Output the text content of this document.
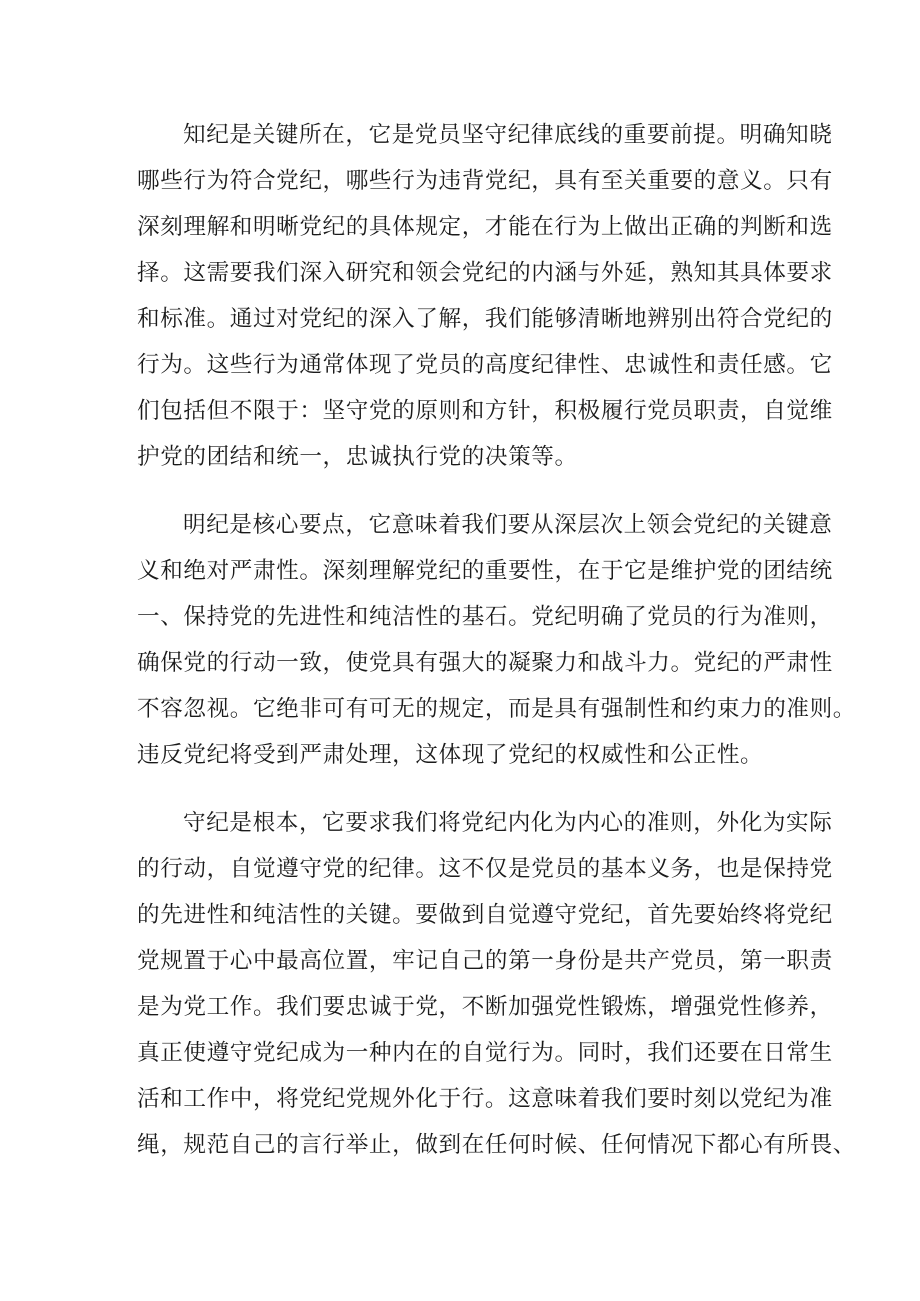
知纪是关键所在，它是党员坚守纪律底线的重要前提。明确知晓
哪些行为符合党纪，哪些行为违背党纪，具有至关重要的意义。只有
深刻理解和明晰党纪的具体规定，才能在行为上做出正确的判断和选
择。这需要我们深入研究和领会党纪的内涵与外延，熟知其具体要求
和标准。通过对党纪的深入了解，我们能够清晰地辨别出符合党纪的
行为。这些行为通常体现了党员的高度纪律性、忠诚性和责任感。它
们包括但不限于：坚守党的原则和方针，积极履行党员职责，自觉维
护党的团结和统一，忠诚执行党的决策等。
明纪是核心要点，它意味着我们要从深层次上领会党纪的关键意
义和绝对严肃性。深刻理解党纪的重要性，在于它是维护党的团结统
一、保持党的先进性和纯洁性的基石。党纪明确了党员的行为准则，
确保党的行动一致，使党具有强大的凝聚力和战斗力。党纪的严肃性
不容忽视。它绝非可有可无的规定，而是具有强制性和约束力的准则。
违反党纪将受到严肃处理，这体现了党纪的权威性和公正性。
守纪是根本，它要求我们将党纪内化为内心的准则，外化为实际
的行动，自觉遵守党的纪律。这不仅是党员的基本义务，也是保持党
的先进性和纯洁性的关键。要做到自觉遵守党纪，首先要始终将党纪
党规置于心中最高位置，牢记自己的第一身份是共产党员，第一职责
是为党工作。我们要忠诚于党，不断加强党性锻炼，增强党性修养，
真正使遵守党纪成为一种内在的自觉行为。同时，我们还要在日常生
活和工作中，将党纪党规外化于行。这意味着我们要时刻以党纪为准
绳，规范自己的言行举止，做到在任何时候、任何情况下都心有所畏、
